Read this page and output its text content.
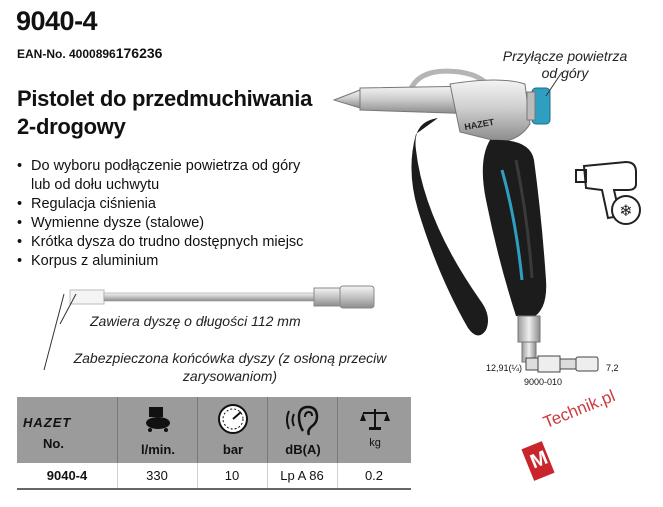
9040-4
EAN-No. 4000896176236
Pistolet do przedmuchiwania
2-drogowy
• Do wyboru podłączenie powietrza od góry lub od dołu uchwytu
• Regulacja ciśnienia
• Wymienne dysze (stalowe)
• Krótka dysza do trudno dostępnych miejsc
• Korpus z aluminium
HAZET
Przyłącze powietrza
od góry
Zawiera dyszę o długości 112 mm
Zabezpieczona końcówka dyszy (z osłoną przeciw zarysowaniom)
❄
12,91(¼)	7,2
9000-010
HAZET
No.	l/min.	bar	dB(A)	kg
9040-4	330	10	Lp A 86	0.2
M
Technik.pl
